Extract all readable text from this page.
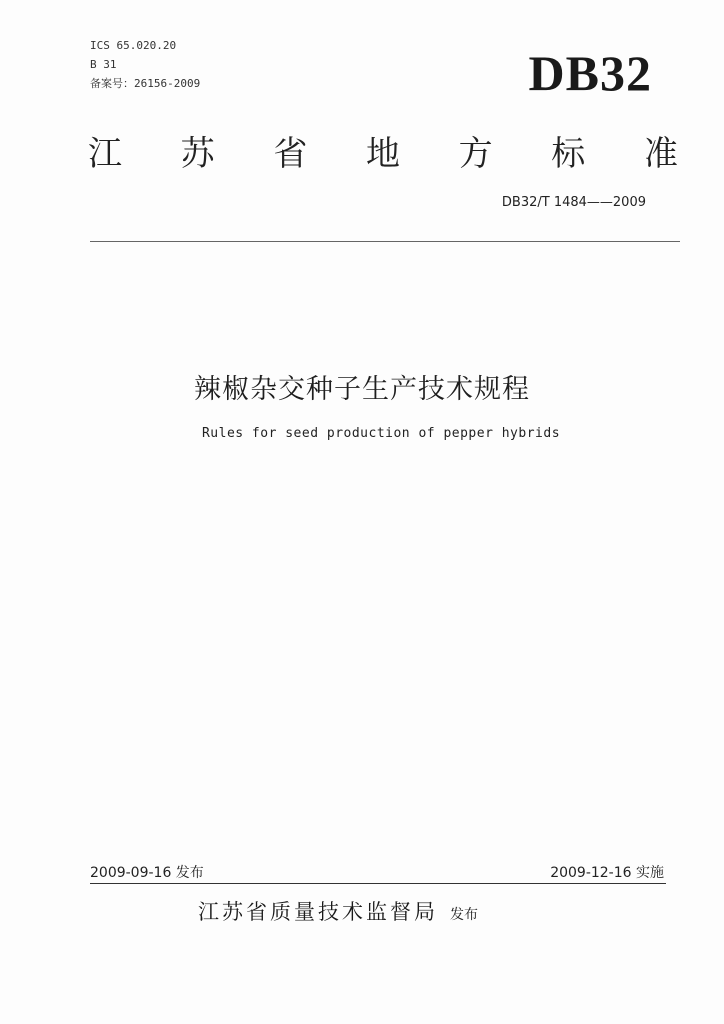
ICS 65.020.20
B 31
备案号：26156-2009	DB32
江 苏 省 地 方 标 准
DB32/T 1484——2009
辣椒杂交种子生产技术规程
Rules for seed production of pepper hybrids
2009-09-16 发布	2009-12-16 实施
江苏省质量技术监督局 发布
